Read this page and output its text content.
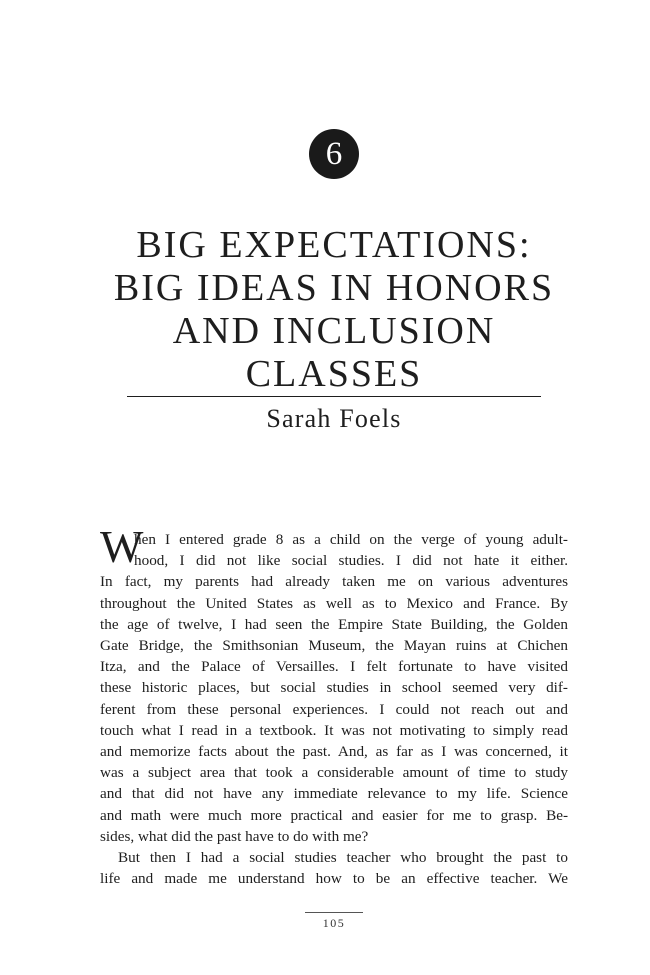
6
BIG EXPECTATIONS:
BIG IDEAS IN HONORS
AND INCLUSION
CLASSES
Sarah Foels
W
hen I entered grade 8 as a child on the verge of young adult-
hood, I did not like social studies. I did not hate it either.
In fact, my parents had already taken me on various adventures
throughout the United States as well as to Mexico and France. By
the age of twelve, I had seen the Empire State Building, the Golden
Gate Bridge, the Smithsonian Museum, the Mayan ruins at Chichen
Itza, and the Palace of Versailles. I felt fortunate to have visited
these historic places, but social studies in school seemed very dif-
ferent from these personal experiences. I could not reach out and
touch what I read in a textbook. It was not motivating to simply read
and memorize facts about the past. And, as far as I was concerned, it
was a subject area that took a considerable amount of time to study
and that did not have any immediate relevance to my life. Science
and math were much more practical and easier for me to grasp. Be-
sides, what did the past have to do with me?
But then I had a social studies teacher who brought the past to
life and made me understand how to be an effective teacher. We
105
